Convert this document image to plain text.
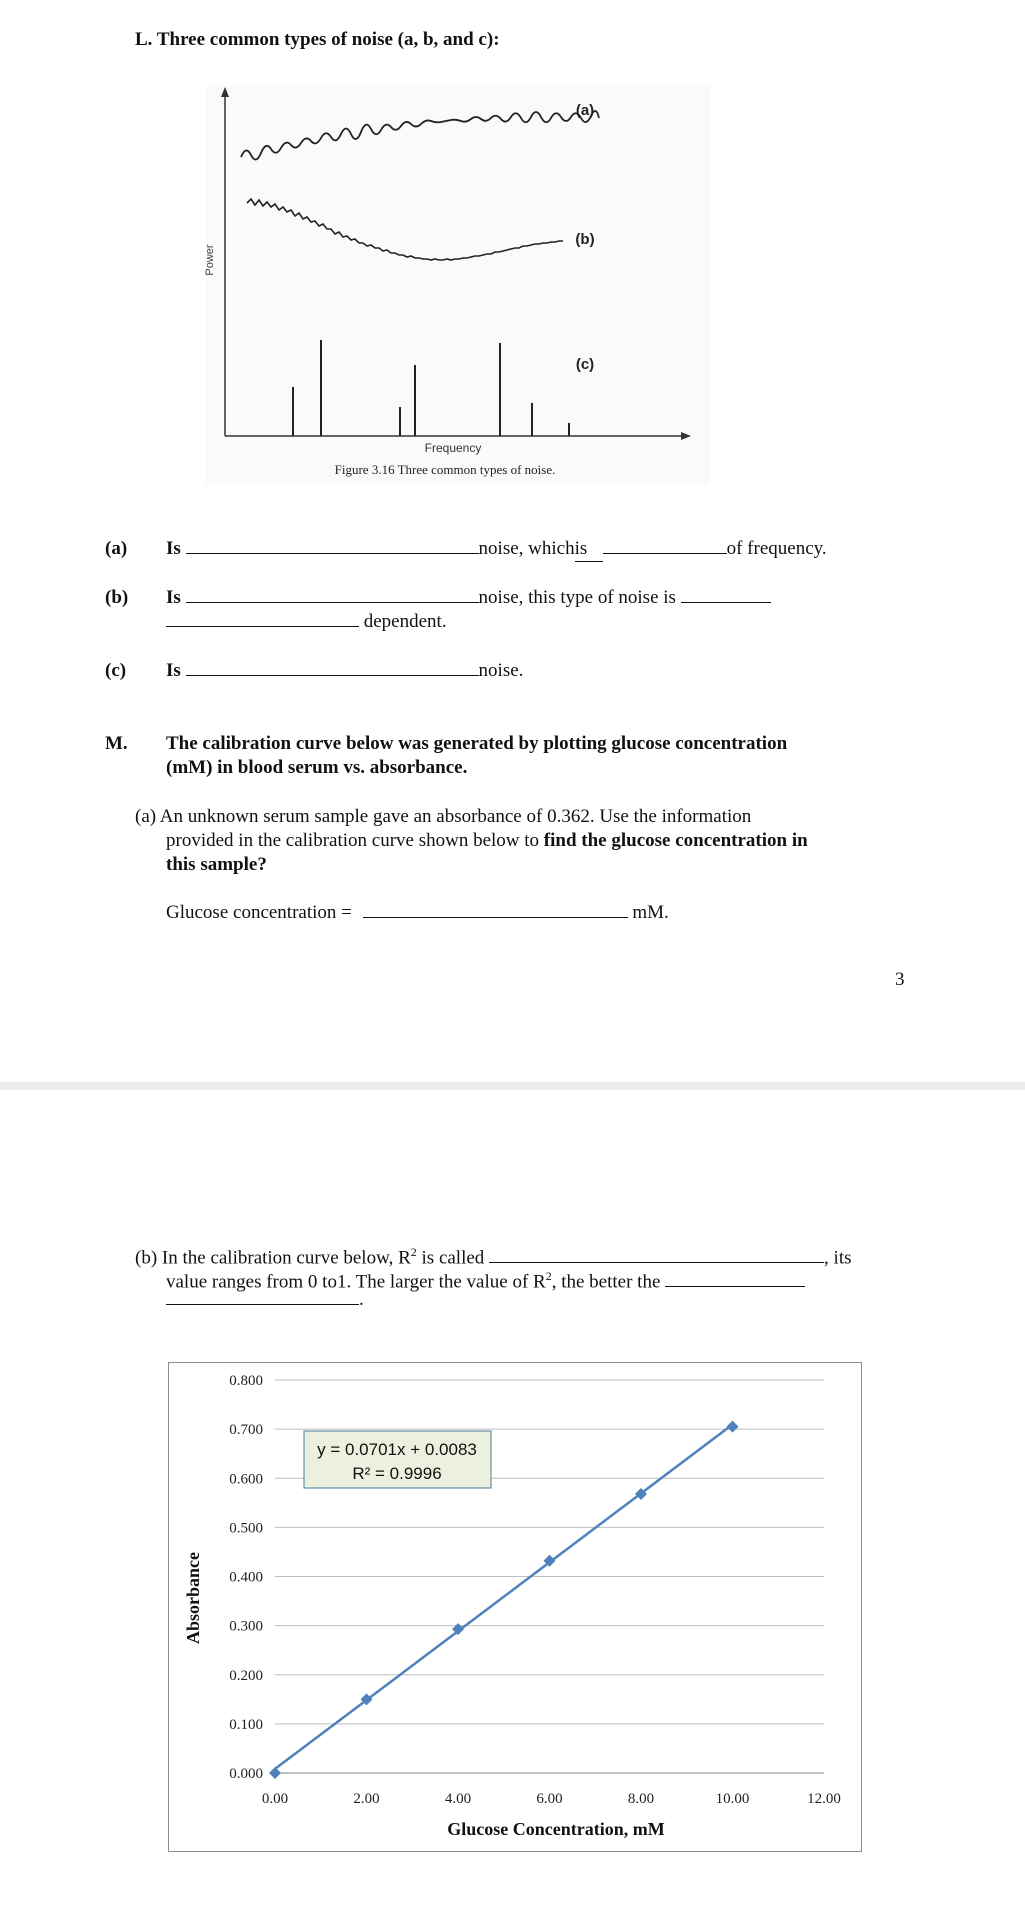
L. Three common types of noise (a, b, and c):
Power
(a)
(b)
(c)
Frequency
Figure 3.16 Three common types of noise.
(a) Is	noise, whichis	of frequency.
(b) Is	noise, this type of noise is
dependent.
(c) Is	noise.
M. The calibration curve below was generated by plotting glucose concentration
(mM) in blood serum vs. absorbance.
(a) An unknown serum sample gave an absorbance of 0.362. Use the information
provided in the calibration curve shown below to find the glucose concentration in
this sample?
Glucose concentration =	mM.
3
(b) In the calibration curve below, $R^2$ is called	, its
value ranges from 0 to1. The larger the value of $R^2$, the better the
.
0.000
0.100
0.200
0.300
0.400
0.500
0.600
0.700
0.800
0.00	2.00	4.00	6.00	8.00	10.00	12.00
Absorbance
Glucose Concentration, mM
y = 0.0701x + 0.0083
R² = 0.9996
